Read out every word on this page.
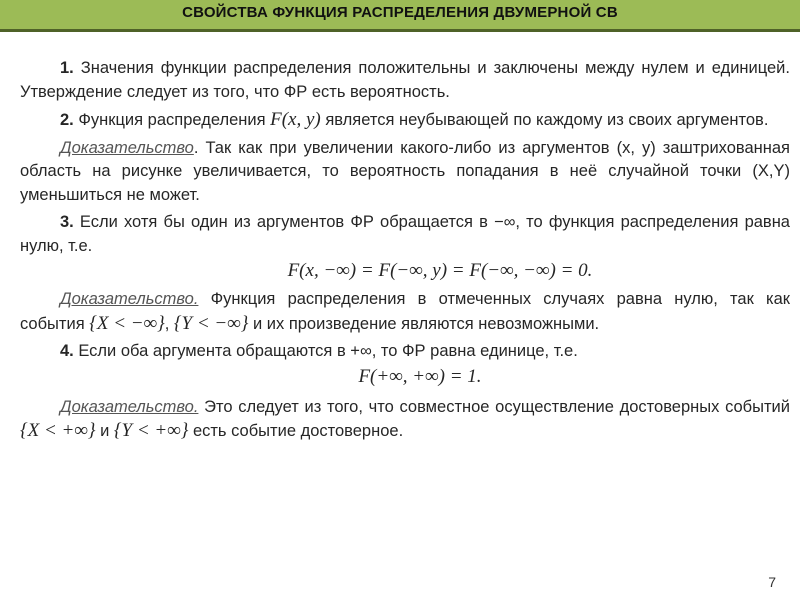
СВОЙСТВА ФУНКЦИЯ РАСПРЕДЕЛЕНИЯ ДВУМЕРНОЙ СВ

1. Значения функции распределения положительны и заключены между нулем и единицей. Утверждение следует из того, что ФР есть вероятность.

2. Функция распределения F(x, y) является неубывающей по каждому из своих аргументов.

Доказательство. Так как при увеличении какого-либо из аргументов (x, y) заштрихованная область на рисунке увеличивается, то вероятность попадания в неё случайной точки (X,Y) уменьшиться не может.

3. Если хотя бы один из аргументов ФР обращается в −∞, то функция распределения равна нулю, т.е.

F(x, −∞) = F(−∞, y) = F(−∞, −∞) = 0.

Доказательство. Функция распределения в отмеченных случаях равна нулю, так как события {X < −∞}, {Y < −∞} и их произведение являются невозможными.

4. Если оба аргумента обращаются в +∞, то ФР равна единице, т.е.

F(+∞, +∞) = 1.

Доказательство. Это следует из того, что совместное осуществление достоверных событий {X < +∞} и {Y < +∞} есть событие достоверное.

7
